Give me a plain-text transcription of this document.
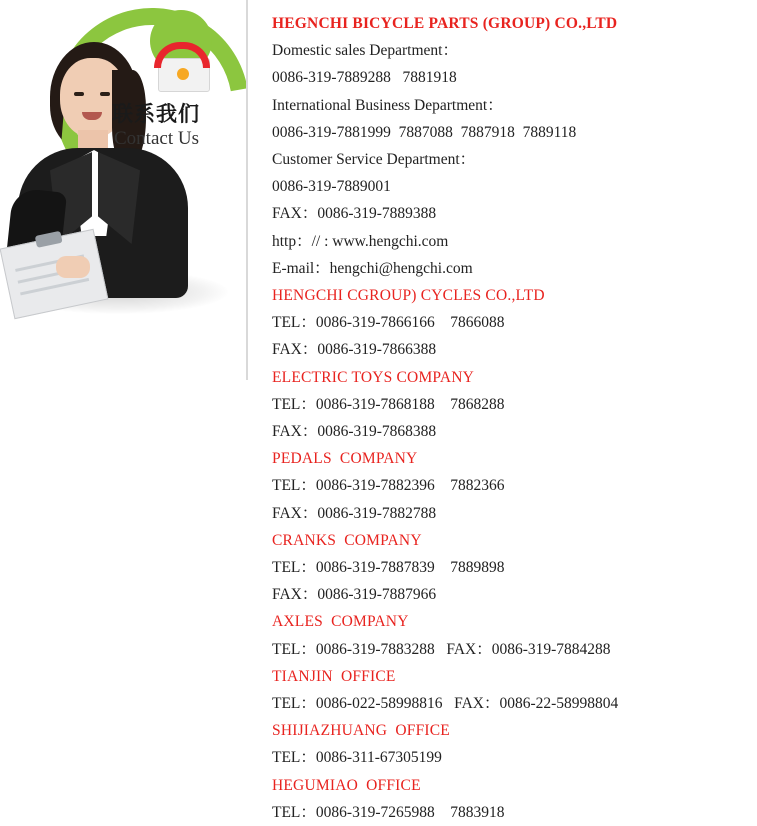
联系我们
Contact Us
HEGNCHI BICYCLE PARTS (GROUP) CO.,LTD
Domestic sales Department：
0086-319-7889288   7881918
International Business Department：
0086-319-7881999  7887088  7887918  7889118
Customer Service Department：
0086-319-7889001
FAX：0086-319-7889388
http：// : www.hengchi.com
E-mail：hengchi@hengchi.com
HENGCHI CGROUP) CYCLES CO.,LTD
TEL：0086-319-7866166    7866088
FAX：0086-319-7866388
ELECTRIC TOYS COMPANY
TEL：0086-319-7868188    7868288
FAX：0086-319-7868388
PEDALS  COMPANY
TEL：0086-319-7882396    7882366
FAX：0086-319-7882788
CRANKS  COMPANY
TEL：0086-319-7887839    7889898
FAX：0086-319-7887966
AXLES  COMPANY
TEL：0086-319-7883288   FAX：0086-319-7884288
TIANJIN  OFFICE
TEL：0086-022-58998816   FAX：0086-22-58998804
SHIJIAZHUANG  OFFICE
TEL：0086-311-67305199
HEGUMIAO  OFFICE
TEL：0086-319-7265988    7883918
